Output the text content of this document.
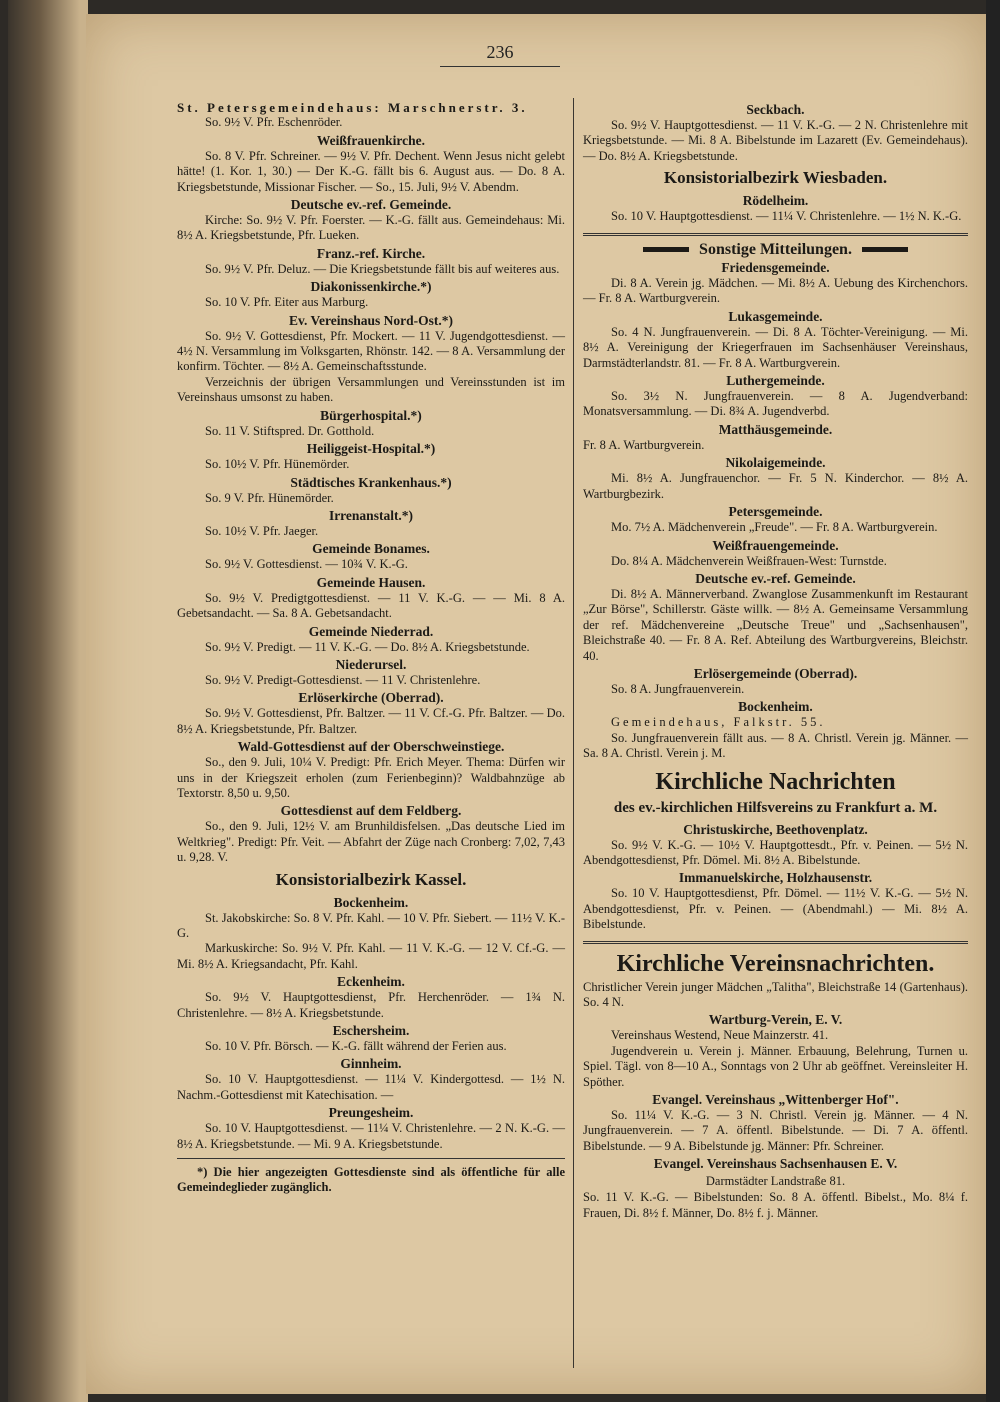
236

St. Petersgemeindehaus: Marschnerstr. 3.

So. 9½ V. Pfr. Eschenröder.

Weißfrauenkirche.

So. 8 V. Pfr. Schreiner. — 9½ V. Pfr. Dechent. Wenn Jesus nicht gelebt hätte! (1. Kor. 1, 30.) — Der K.-G. fällt bis 6. August aus. — Do. 8 A. Kriegsbetstunde, Missionar Fischer. — So., 15. Juli, 9½ V. Abendm.

Deutsche ev.-ref. Gemeinde.

Kirche: So. 9½ V. Pfr. Foerster. — K.-G. fällt aus. Gemeindehaus: Mi. 8½ A. Kriegsbetstunde, Pfr. Lueken.

Franz.-ref. Kirche.

So. 9½ V. Pfr. Deluz. — Die Kriegsbetstunde fällt bis auf weiteres aus.

Diakonissenkirche.*)

So. 10 V. Pfr. Eiter aus Marburg.

Ev. Vereinshaus Nord-Ost.*)

So. 9½ V. Gottesdienst, Pfr. Mockert. — 11 V. Jugendgottesdienst. — 4½ N. Versammlung im Volksgarten, Rhönstr. 142. — 8 A. Versammlung der konfirm. Töchter. — 8½ A. Gemeinschaftsstunde.

Verzeichnis der übrigen Versammlungen und Vereinsstunden ist im Vereinshaus umsonst zu haben.

Bürgerhospital.*)

So. 11 V. Stiftspred. Dr. Gotthold.

Heiliggeist-Hospital.*)

So. 10½ V. Pfr. Hünemörder.

Städtisches Krankenhaus.*)

So. 9 V. Pfr. Hünemörder.

Irrenanstalt.*)

So. 10½ V. Pfr. Jaeger.

Gemeinde Bonames.

So. 9½ V. Gottesdienst. — 10¾ V. K.-G.

Gemeinde Hausen.

So. 9½ V. Predigtgottesdienst. — 11 V. K.-G. — — Mi. 8 A. Gebetsandacht. — Sa. 8 A. Gebetsandacht.

Gemeinde Niederrad.

So. 9½ V. Predigt. — 11 V. K.-G. — Do. 8½ A. Kriegsbetstunde.

Niederursel.

So. 9½ V. Predigt-Gottesdienst. — 11 V. Christenlehre.

Erlöserkirche (Oberrad).

So. 9½ V. Gottesdienst, Pfr. Baltzer. — 11 V. Cf.-G. Pfr. Baltzer. — Do. 8½ A. Kriegsbetstunde, Pfr. Baltzer.

Wald-Gottesdienst auf der Oberschweinstiege.

So., den 9. Juli, 10¼ V. Predigt: Pfr. Erich Meyer. Thema: Dürfen wir uns in der Kriegszeit erholen (zum Ferienbeginn)? Waldbahnzüge ab Textorstr. 8,50 u. 9,50.

Gottesdienst auf dem Feldberg.

So., den 9. Juli, 12½ V. am Brunhildisfelsen. „Das deutsche Lied im Weltkrieg". Predigt: Pfr. Veit. — Abfahrt der Züge nach Cronberg: 7,02, 7,43 u. 9,28. V.

Konsistorialbezirk Kassel.

Bockenheim.

St. Jakobskirche: So. 8 V. Pfr. Kahl. — 10 V. Pfr. Siebert. — 11½ V. K.-G.

Markuskirche: So. 9½ V. Pfr. Kahl. — 11 V. K.-G. — 12 V. Cf.-G. — Mi. 8½ A. Kriegsandacht, Pfr. Kahl.

Eckenheim.

So. 9½ V. Hauptgottesdienst, Pfr. Herchenröder. — 1¾ N. Christenlehre. — 8½ A. Kriegsbetstunde.

Eschersheim.

So. 10 V. Pfr. Börsch. — K.-G. fällt während der Ferien aus.

Ginnheim.

So. 10 V. Hauptgottesdienst. — 11¼ V. Kindergottesd. — 1½ N. Nachm.-Gottesdienst mit Katechisation. —

Preungesheim.

So. 10 V. Hauptgottesdienst. — 11¼ V. Christenlehre. — 2 N. K.-G. — 8½ A. Kriegsbetstunde. — Mi. 9 A. Kriegsbetstunde.

*) Die hier angezeigten Gottesdienste sind als öffentliche für alle Gemeindeglieder zugänglich.

Seckbach.

So. 9½ V. Hauptgottesdienst. — 11 V. K.-G. — 2 N. Christenlehre mit Kriegsbetstunde. — Mi. 8 A. Bibelstunde im Lazarett (Ev. Gemeindehaus). — Do. 8½ A. Kriegsbetstunde.

Konsistorialbezirk Wiesbaden.

Rödelheim.

So. 10 V. Hauptgottesdienst. — 11¼ V. Christenlehre. — 1½ N. K.-G.

Sonstige Mitteilungen.

Friedensgemeinde.

Di. 8 A. Verein jg. Mädchen. — Mi. 8½ A. Uebung des Kirchenchors. — Fr. 8 A. Wartburgverein.

Lukasgemeinde.

So. 4 N. Jungfrauenverein. — Di. 8 A. Töchter-Vereinigung. — Mi. 8½ A. Vereinigung der Kriegerfrauen im Sachsenhäuser Vereinshaus, Darmstädterlandstr. 81. — Fr. 8 A. Wartburgverein.

Luthergemeinde.

So. 3½ N. Jungfrauenverein. — 8 A. Jugendverband: Monatsversammlung. — Di. 8¾ A. Jugendverbd.

Matthäusgemeinde.

Fr. 8 A. Wartburgverein.

Nikolaigemeinde.

Mi. 8½ A. Jungfrauenchor. — Fr. 5 N. Kinderchor. — 8½ A. Wartburgbezirk.

Petersgemeinde.

Mo. 7½ A. Mädchenverein „Freude". — Fr. 8 A. Wartburgverein.

Weißfrauengemeinde.

Do. 8¼ A. Mädchenverein Weißfrauen-West: Turnstde.

Deutsche ev.-ref. Gemeinde.

Di. 8½ A. Männerverband. Zwanglose Zusammenkunft im Restaurant „Zur Börse", Schillerstr. Gäste willk. — 8½ A. Gemeinsame Versammlung der ref. Mädchenvereine „Deutsche Treue" und „Sachsenhausen", Bleichstraße 40. — Fr. 8 A. Ref. Abteilung des Wartburgvereins, Bleichstr. 40.

Erlösergemeinde (Oberrad).

So. 8 A. Jungfrauenverein.

Bockenheim.

Gemeindehaus, Falkstr. 55.

So. Jungfrauenverein fällt aus. — 8 A. Christl. Verein jg. Männer. — Sa. 8 A. Christl. Verein j. M.

Kirchliche Nachrichten

des ev.-kirchlichen Hilfsvereins zu Frankfurt a. M.

Christuskirche, Beethovenplatz.

So. 9½ V. K.-G. — 10½ V. Hauptgottesdt., Pfr. v. Peinen. — 5½ N. Abendgottesdienst, Pfr. Dömel. Mi. 8½ A. Bibelstunde.

Immanuelskirche, Holzhausenstr.

So. 10 V. Hauptgottesdienst, Pfr. Dömel. — 11½ V. K.-G. — 5½ N. Abendgottesdienst, Pfr. v. Peinen. — (Abendmahl.) — Mi. 8½ A. Bibelstunde.

Kirchliche Vereinsnachrichten.

Christlicher Verein junger Mädchen „Talitha", Bleichstraße 14 (Gartenhaus). So. 4 N.

Wartburg-Verein, E. V.

Vereinshaus Westend, Neue Mainzerstr. 41.

Jugendverein u. Verein j. Männer. Erbauung, Belehrung, Turnen u. Spiel. Tägl. von 8—10 A., Sonntags von 2 Uhr ab geöffnet. Vereinsleiter H. Spöther.

Evangel. Vereinshaus „Wittenberger Hof".

So. 11¼ V. K.-G. — 3 N. Christl. Verein jg. Männer. — 4 N. Jungfrauenverein. — 7 A. öffentl. Bibelstunde. — Di. 7 A. öffentl. Bibelstunde. — 9 A. Bibelstunde jg. Männer: Pfr. Schreiner.

Evangel. Vereinshaus Sachsenhausen E. V.

Darmstädter Landstraße 81.

So. 11 V. K.-G. — Bibelstunden: So. 8 A. öffentl. Bibelst., Mo. 8¼ f. Frauen, Di. 8½ f. Männer, Do. 8½ f. j. Männer.
